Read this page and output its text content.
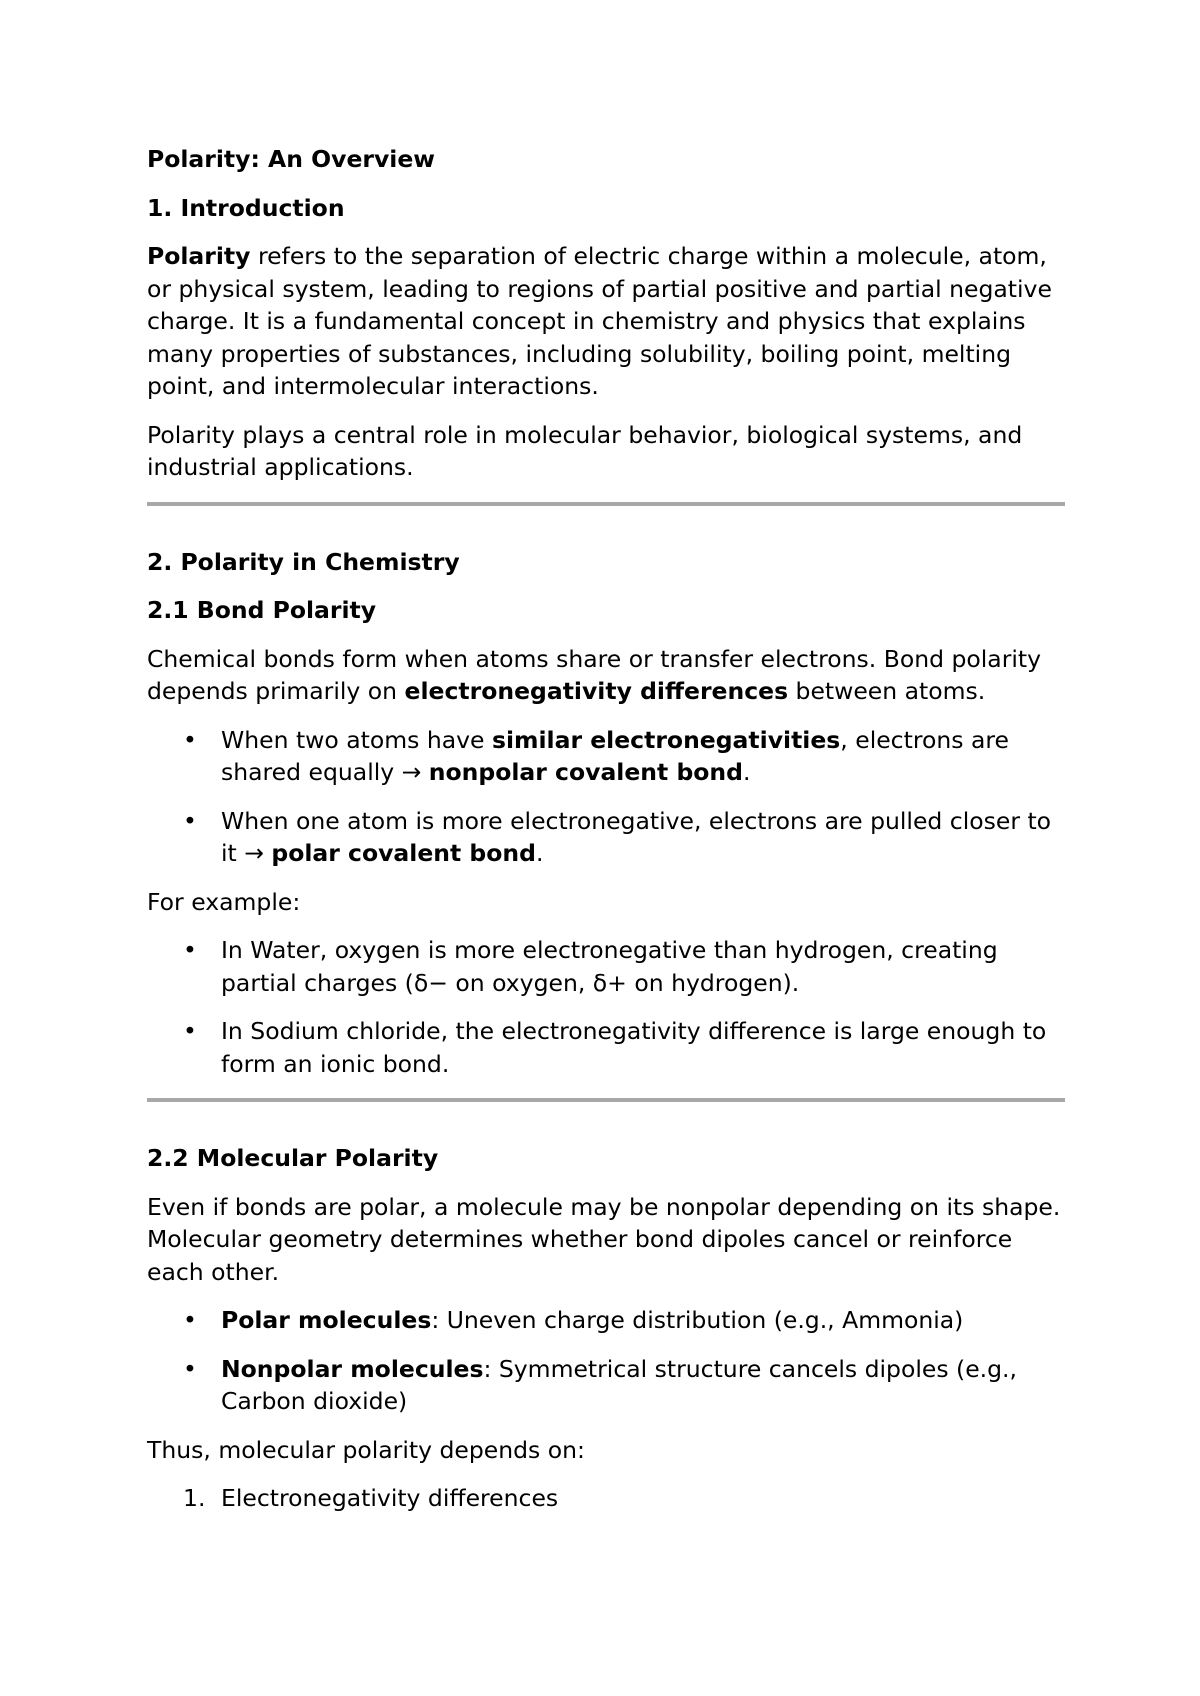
Polarity: An Overview
1. Introduction

Polarity refers to the separation of electric charge within a molecule, atom, or physical system, leading to regions of partial positive and partial negative charge. It is a fundamental concept in chemistry and physics that explains many properties of substances, including solubility, boiling point, melting point, and intermolecular interactions.

Polarity plays a central role in molecular behavior, biological systems, and industrial applications.

2. Polarity in Chemistry
2.1 Bond Polarity

Chemical bonds form when atoms share or transfer electrons. Bond polarity depends primarily on electronegativity differences between atoms.

• When two atoms have similar electronegativities, electrons are shared equally → nonpolar covalent bond.
• When one atom is more electronegative, electrons are pulled closer to it → polar covalent bond.

For example:

• In Water, oxygen is more electronegative than hydrogen, creating partial charges (δ− on oxygen, δ+ on hydrogen).
• In Sodium chloride, the electronegativity difference is large enough to form an ionic bond.
2.2 Molecular Polarity

Even if bonds are polar, a molecule may be nonpolar depending on its shape. Molecular geometry determines whether bond dipoles cancel or reinforce each other.

• Polar molecules: Uneven charge distribution (e.g., Ammonia)
• Nonpolar molecules: Symmetrical structure cancels dipoles (e.g., Carbon dioxide)

Thus, molecular polarity depends on:

1. Electronegativity differences
